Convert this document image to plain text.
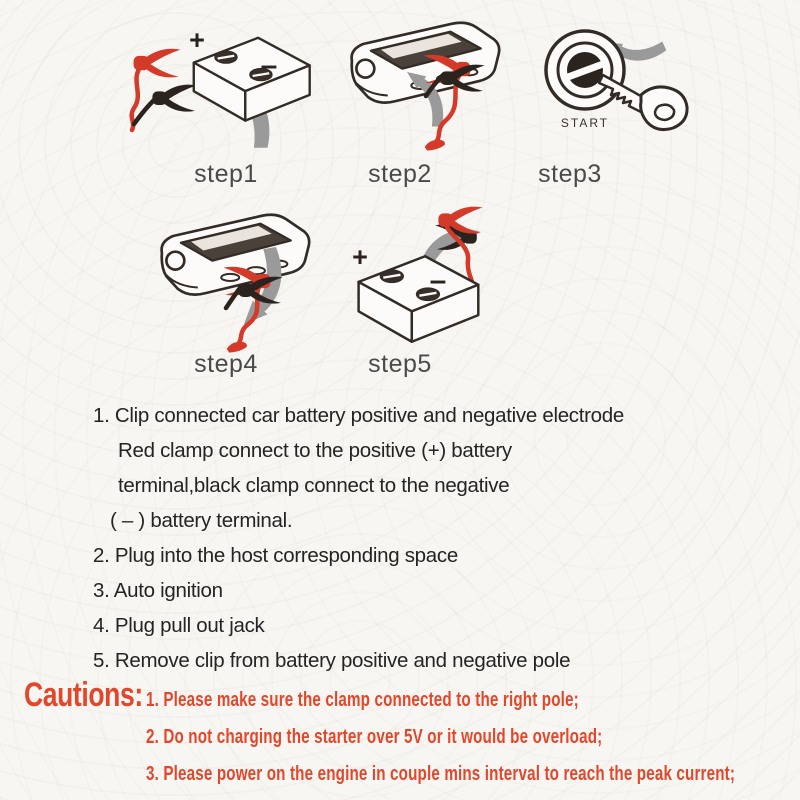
+
–
START
+
–
step1	step2	step3
step4	step5
1. Clip connected car battery positive and negative electrode
Red clamp connect to the positive (+) battery
terminal,black clamp connect to the negative
( – ) battery terminal.
2. Plug into the host corresponding space
3. Auto ignition
4. Plug pull out jack
5. Remove clip from battery positive and negative pole
Cautions: 1. Please make sure the clamp connected to the right pole;
2. Do not charging the starter over 5V or it would be overload;
3. Please power on the engine in couple mins interval to reach the peak current;
